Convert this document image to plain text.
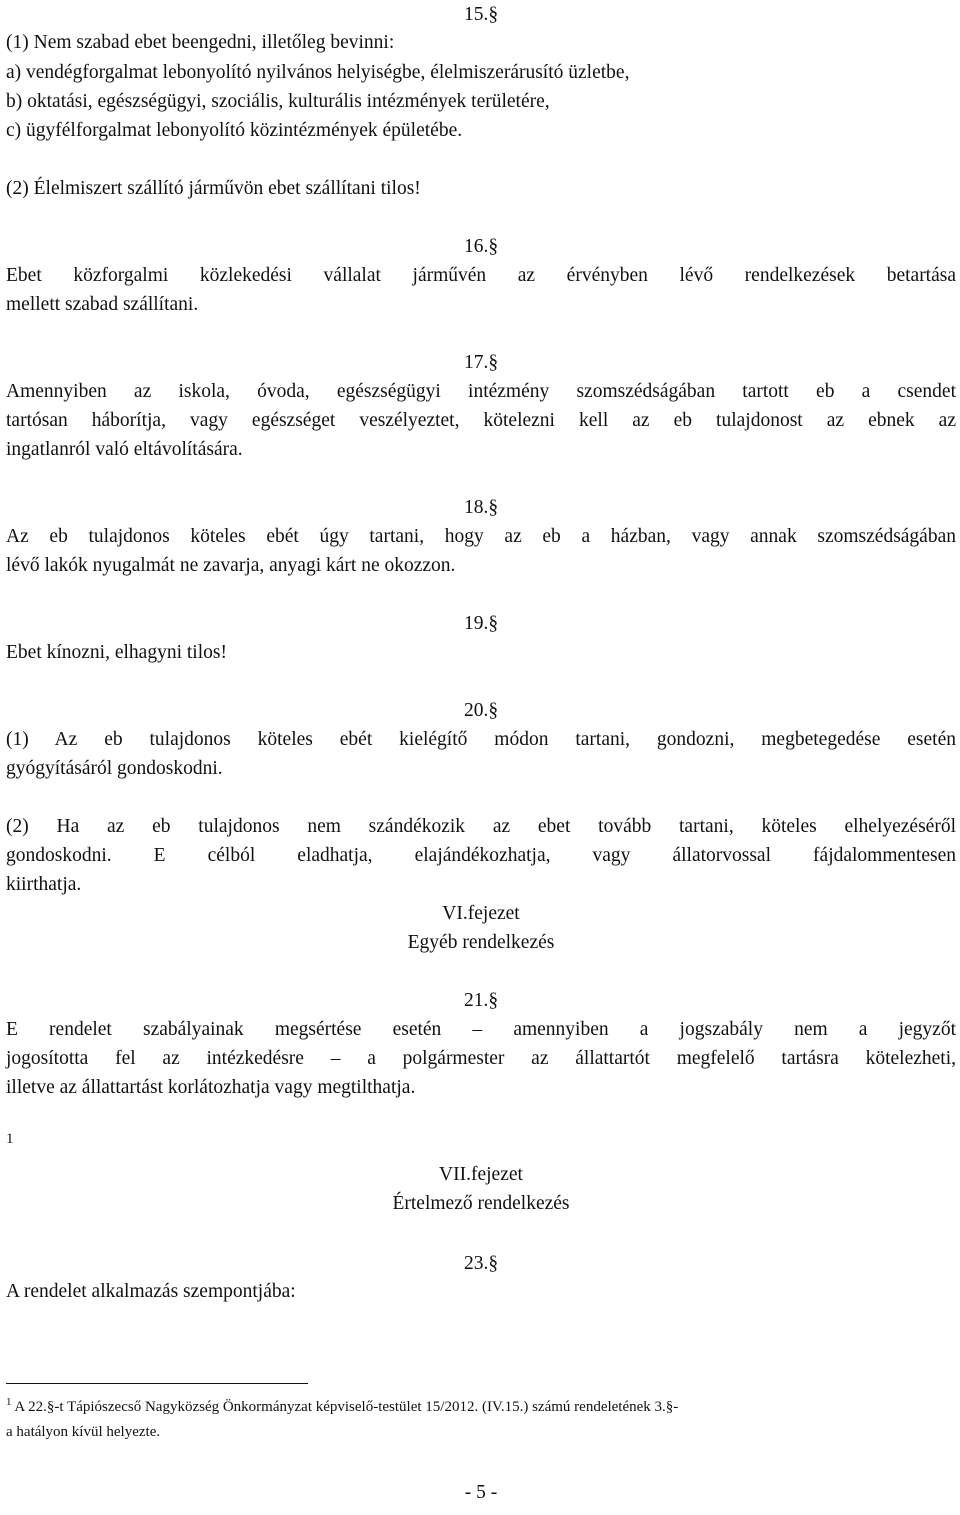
15.§
(1) Nem szabad ebet beengedni, illetőleg bevinni:
a) vendégforgalmat lebonyolító nyilvános helyiségbe, élelmiszerárusító üzletbe,
b) oktatási, egészségügyi, szociális, kulturális intézmények területére,
c) ügyfélforgalmat lebonyolító közintézmények épületébe.
(2) Élelmiszert szállító járművön ebet szállítani tilos!
16.§
Ebet közforgalmi közlekedési vállalat járművén az érvényben lévő rendelkezések betartása
mellett szabad szállítani.
17.§
Amennyiben az iskola, óvoda, egészségügyi intézmény szomszédságában tartott eb a csendet
tartósan háborítja, vagy egészséget veszélyeztet, kötelezni kell az eb tulajdonost az ebnek az
ingatlanról való eltávolítására.
18.§
Az eb tulajdonos köteles ebét úgy tartani, hogy az eb a házban, vagy annak szomszédságában
lévő lakók nyugalmát ne zavarja, anyagi kárt ne okozzon.
19.§
Ebet kínozni, elhagyni tilos!
20.§
(1) Az eb tulajdonos köteles ebét kielégítő módon tartani, gondozni, megbetegedése esetén
gyógyításáról gondoskodni.
(2) Ha az eb tulajdonos nem szándékozik az ebet tovább tartani, köteles elhelyezéséről
gondoskodni. E célból eladhatja, elajándékozhatja, vagy állatorvossal fájdalommentesen
kiirthatja.
VI.fejezet
Egyéb rendelkezés
21.§
E rendelet szabályainak megsértése esetén – amennyiben a jogszabály nem a jegyzőt
jogosította fel az intézkedésre – a polgármester az állattartót megfelelő tartásra kötelezheti,
illetve az állattartást korlátozhatja vagy megtilthatja.
1
VII.fejezet
Értelmező rendelkezés
23.§
A rendelet alkalmazás szempontjába:
$^1$ A 22.§-t Tápiószecső Nagyközség Önkormányzat képviselő-testület 15/2012. (IV.15.) számú rendeletének 3.§-
a hatályon kívül helyezte.
- 5 -
